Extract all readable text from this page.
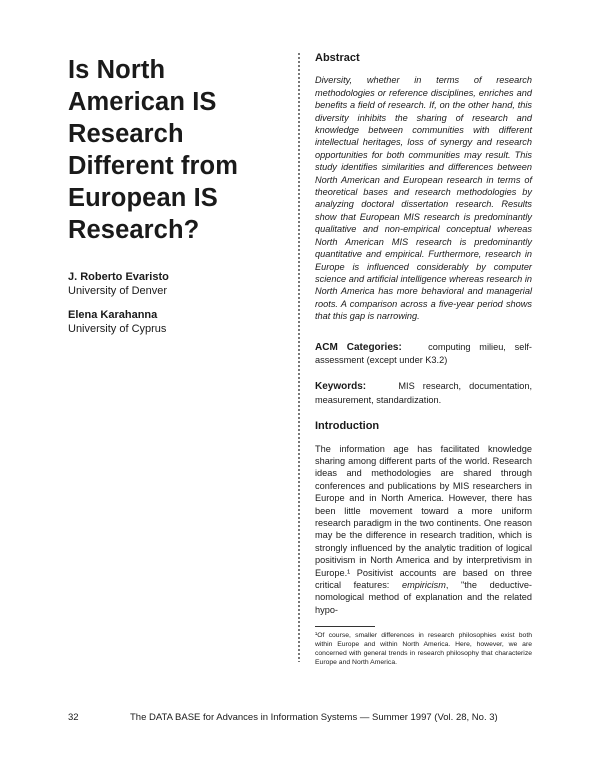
Is North
American IS
Research
Different from
European IS
Research?
J. Roberto Evaristo
University of Denver
Elena Karahanna
University of Cyprus
Abstract

Diversity, whether in terms of research methodologies or reference disciplines, enriches and benefits a field of research. If, on the other hand, this diversity inhibits the sharing of research and knowledge between communities with different intellectual heritages, loss of synergy and research opportunities for both communities may result. This study identifies similarities and differences between North American and European research in terms of theoretical bases and research methodologies by analyzing doctoral dissertation research. Results show that European MIS research is predominantly qualitative and non-empirical conceptual whereas North American MIS research is predominantly quantitative and empirical. Furthermore, research in Europe is influenced considerably by computer science and artificial intelligence whereas research in North America has more behavioral and managerial roots. A comparison across a five-year period shows that this gap is narrowing.

ACM Categories:	computing milieu, self-assessment (except under K3.2)

Keywords:	MIS research, documentation, measurement, standardization.

Introduction

The information age has facilitated knowledge sharing among different parts of the world. Research ideas and methodologies are shared through conferences and publications by MIS researchers in Europe and in North America. However, there has been little movement toward a more uniform research paradigm in the two continents. One reason may be the difference in research tradition, which is strongly influenced by the analytic tradition of logical positivism in North America and by interpretivism in Europe.¹ Positivist accounts are based on three critical features: empiricism, "the deductive-nomological method of explanation and the related hypo-

¹Of course, smaller differences in research philosophies exist both within Europe and within North America. Here, however, we are concerned with general trends in research philosophy that characterize Europe and North America.

32	The DATA BASE for Advances in Information Systems — Summer 1997 (Vol. 28, No. 3)
